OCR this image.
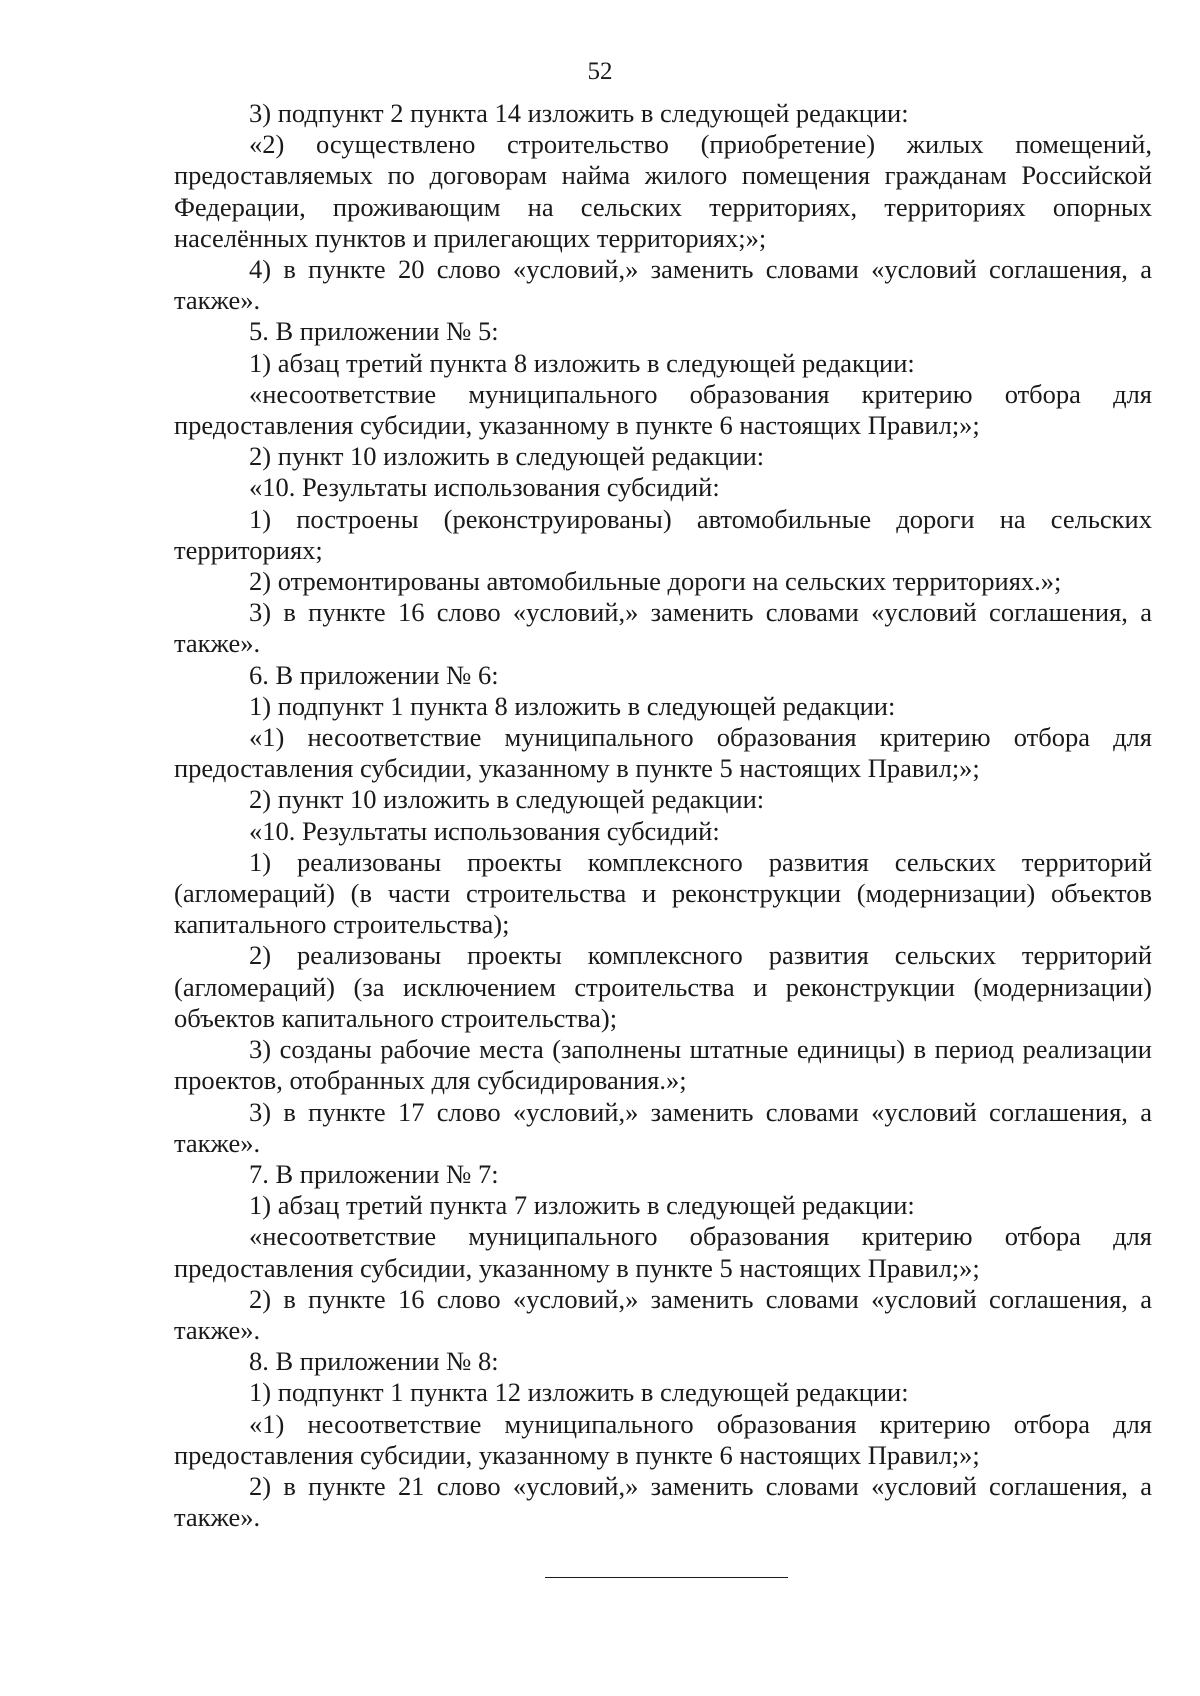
52

3) подпункт 2 пункта 14 изложить в следующей редакции:

«2) осуществлено строительство (приобретение) жилых помещений, предоставляемых по договорам найма жилого помещения гражданам Российской Федерации, проживающим на сельских территориях, территориях опорных населённых пунктов и прилегающих территориях;»;

4) в пункте 20 слово «условий,» заменить словами «условий соглашения, а также».

5. В приложении № 5:

1) абзац третий пункта 8 изложить в следующей редакции:

«несоответствие муниципального образования критерию отбора для предоставления субсидии, указанному в пункте 6 настоящих Правил;»;

2) пункт 10 изложить в следующей редакции:

«10. Результаты использования субсидий:

1) построены (реконструированы) автомобильные дороги на сельских территориях;

2) отремонтированы автомобильные дороги на сельских территориях.»;

3) в пункте 16 слово «условий,» заменить словами «условий соглашения, а также».

6. В приложении № 6:

1) подпункт 1 пункта 8 изложить в следующей редакции:

«1) несоответствие муниципального образования критерию отбора для предоставления субсидии, указанному в пункте 5 настоящих Правил;»;

2) пункт 10 изложить в следующей редакции:

«10. Результаты использования субсидий:

1) реализованы проекты комплексного развития сельских территорий (агломераций) (в части строительства и реконструкции (модернизации) объектов капитального строительства);

2) реализованы проекты комплексного развития сельских территорий (агломераций) (за исключением строительства и реконструкции (модернизации) объектов капитального строительства);

3) созданы рабочие места (заполнены штатные единицы) в период реализации проектов, отобранных для субсидирования.»;

3) в пункте 17 слово «условий,» заменить словами «условий соглашения, а также».

7. В приложении № 7:

1) абзац третий пункта 7 изложить в следующей редакции:

«несоответствие муниципального образования критерию отбора для предоставления субсидии, указанному в пункте 5 настоящих Правил;»;

2) в пункте 16 слово «условий,» заменить словами «условий соглашения, а также».

8. В приложении № 8:

1) подпункт 1 пункта 12 изложить в следующей редакции:

«1) несоответствие муниципального образования критерию отбора для предоставления субсидии, указанному в пункте 6 настоящих Правил;»;

2) в пункте 21 слово «условий,» заменить словами «условий соглашения, а также».
